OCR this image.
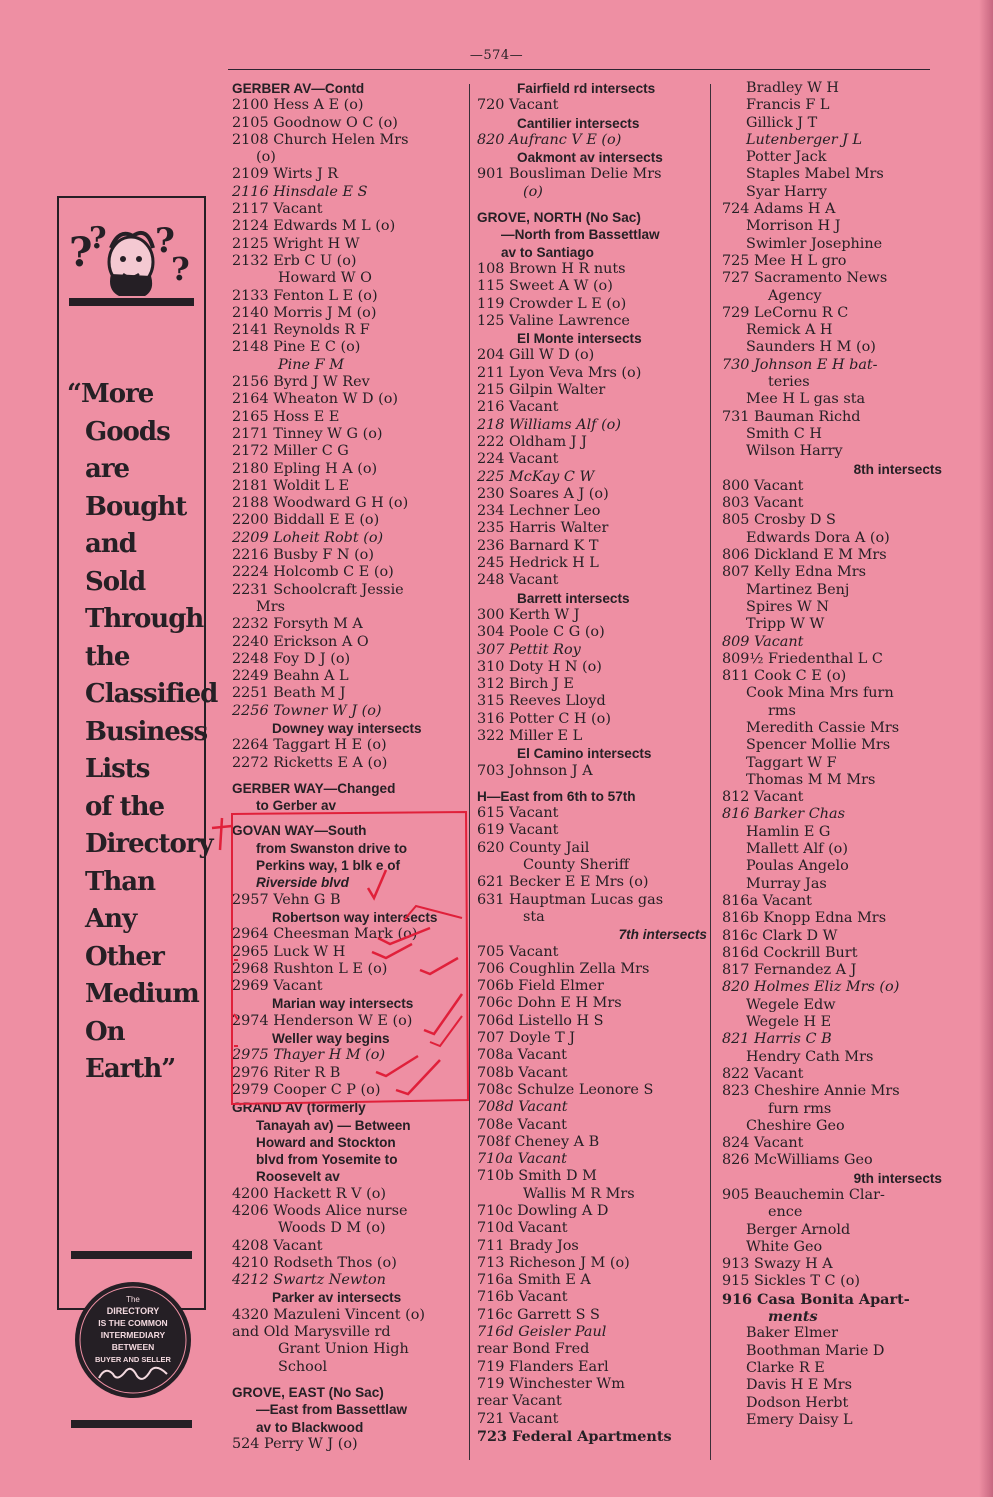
—574—
?
? ?
?
“More
Goods
are
Bought
and
Sold
Through
the
Classified
Business
Lists
of the
Directory
Than
Any
Other
Medium
On
Earth”
The
DIRECTORY
IS THE COMMON
INTERMEDIARY
BETWEEN
BUYER AND SELLER
GERBER AV—Contd
2100 Hess A E (o)
2105 Goodnow O C (o)
2108 Church Helen Mrs
(o)
2109 Wirts J R
2116 Hinsdale E S
2117 Vacant
2124 Edwards M L (o)
2125 Wright H W
2132 Erb C U (o)
Howard W O
2133 Fenton L E (o)
2140 Morris J M (o)
2141 Reynolds R F
2148 Pine E C (o)
Pine F M
2156 Byrd J W Rev
2164 Wheaton W D (o)
2165 Hoss E E
2171 Tinney W G (o)
2172 Miller C G
2180 Epling H A (o)
2181 Woldit L E
2188 Woodward G H (o)
2200 Biddall E E (o)
2209 Loheit Robt (o)
2216 Busby F N (o)
2224 Holcomb C E (o)
2231 Schoolcraft Jessie
Mrs
2232 Forsyth M A
2240 Erickson A O
2248 Foy D J (o)
2249 Beahn A L
2251 Beath M J
2256 Towner W J (o)
Downey way intersects
2264 Taggart H E (o)
2272 Ricketts E A (o)
GERBER WAY—Changed
to Gerber av
GOVAN WAY—South
from Swanston drive to
Perkins way, 1 blk e of
Riverside blvd
2957 Vehn G B
Robertson way intersects
2964 Cheesman Mark (o)
2965 Luck W H
2968 Rushton L E (o)
2969 Vacant
Marian way intersects
2974 Henderson W E (o)
Weller way begins
2975 Thayer H M (o)
2976 Riter R B
2979 Cooper C P (o)
GRAND AV (formerly
Tanayah av) — Between
Howard and Stockton
blvd from Yosemite to
Roosevelt av
4200 Hackett R V (o)
4206 Woods Alice nurse
Woods D M (o)
4208 Vacant
4210 Rodseth Thos (o)
4212 Swartz Newton
Parker av intersects
4320 Mazuleni Vincent (o)
and Old Marysville rd
Grant Union High
School
GROVE, EAST (No Sac)
—East from Bassettlaw
av to Blackwood
524 Perry W J (o)
Fairfield rd intersects
720 Vacant
Cantilier intersects
820 Aufranc V E (o)
Oakmont av intersects
901 Bousliman Delie Mrs
(o)
GROVE, NORTH (No Sac)
—North from Bassettlaw
av to Santiago
108 Brown H R nuts
115 Sweet A W (o)
119 Crowder L E (o)
125 Valine Lawrence
El Monte intersects
204 Gill W D (o)
211 Lyon Veva Mrs (o)
215 Gilpin Walter
216 Vacant
218 Williams Alf (o)
222 Oldham J J
224 Vacant
225 McKay C W
230 Soares A J (o)
234 Lechner Leo
235 Harris Walter
236 Barnard K T
245 Hedrick H L
248 Vacant
Barrett intersects
300 Kerth W J
304 Poole C G (o)
307 Pettit Roy
310 Doty H N (o)
312 Birch J E
315 Reeves Lloyd
316 Potter C H (o)
322 Miller E L
El Camino intersects
703 Johnson J A
H—East from 6th to 57th
615 Vacant
619 Vacant
620 County Jail
County Sheriff
621 Becker E E Mrs (o)
631 Hauptman Lucas gas
sta
7th intersects
705 Vacant
706 Coughlin Zella Mrs
706b Field Elmer
706c Dohn E H Mrs
706d Listello H S
707 Doyle T J
708a Vacant
708b Vacant
708c Schulze Leonore S
708d Vacant
708e Vacant
708f Cheney A B
710a Vacant
710b Smith D M
Wallis M R Mrs
710c Dowling A D
710d Vacant
711 Brady Jos
713 Richeson J M (o)
716a Smith E A
716b Vacant
716c Garrett S S
716d Geisler Paul
rear Bond Fred
719 Flanders Earl
719 Winchester Wm
rear Vacant
721 Vacant
723 Federal Apartments
Bradley W H
Francis F L
Gillick J T
Lutenberger J L
Potter Jack
Staples Mabel Mrs
Syar Harry
724 Adams H A
Morrison H J
Swimler Josephine
725 Mee H L gro
727 Sacramento News
Agency
729 LeCornu R C
Remick A H
Saunders H M (o)
730 Johnson E H bat-
teries
Mee H L gas sta
731 Bauman Richd
Smith C H
Wilson Harry
8th intersects
800 Vacant
803 Vacant
805 Crosby D S
Edwards Dora A (o)
806 Dickland E M Mrs
807 Kelly Edna Mrs
Martinez Benj
Spires W N
Tripp W W
809 Vacant
809½ Friedenthal L C
811 Cook C E (o)
Cook Mina Mrs furn
rms
Meredith Cassie Mrs
Spencer Mollie Mrs
Taggart W F
Thomas M M Mrs
812 Vacant
816 Barker Chas
Hamlin E G
Mallett Alf (o)
Poulas Angelo
Murray Jas
816a Vacant
816b Knopp Edna Mrs
816c Clark D W
816d Cockrill Burt
817 Fernandez A J
820 Holmes Eliz Mrs (o)
Wegele Edw
Wegele H E
821 Harris C B
Hendry Cath Mrs
822 Vacant
823 Cheshire Annie Mrs
furn rms
Cheshire Geo
824 Vacant
826 McWilliams Geo
9th intersects
905 Beauchemin Clar-
ence
Berger Arnold
White Geo
913 Swazy H A
915 Sickles T C (o)
916 Casa Bonita Apart-
ments
Baker Elmer
Boothman Marie D
Clarke R E
Davis H E Mrs
Dodson Herbt
Emery Daisy L
